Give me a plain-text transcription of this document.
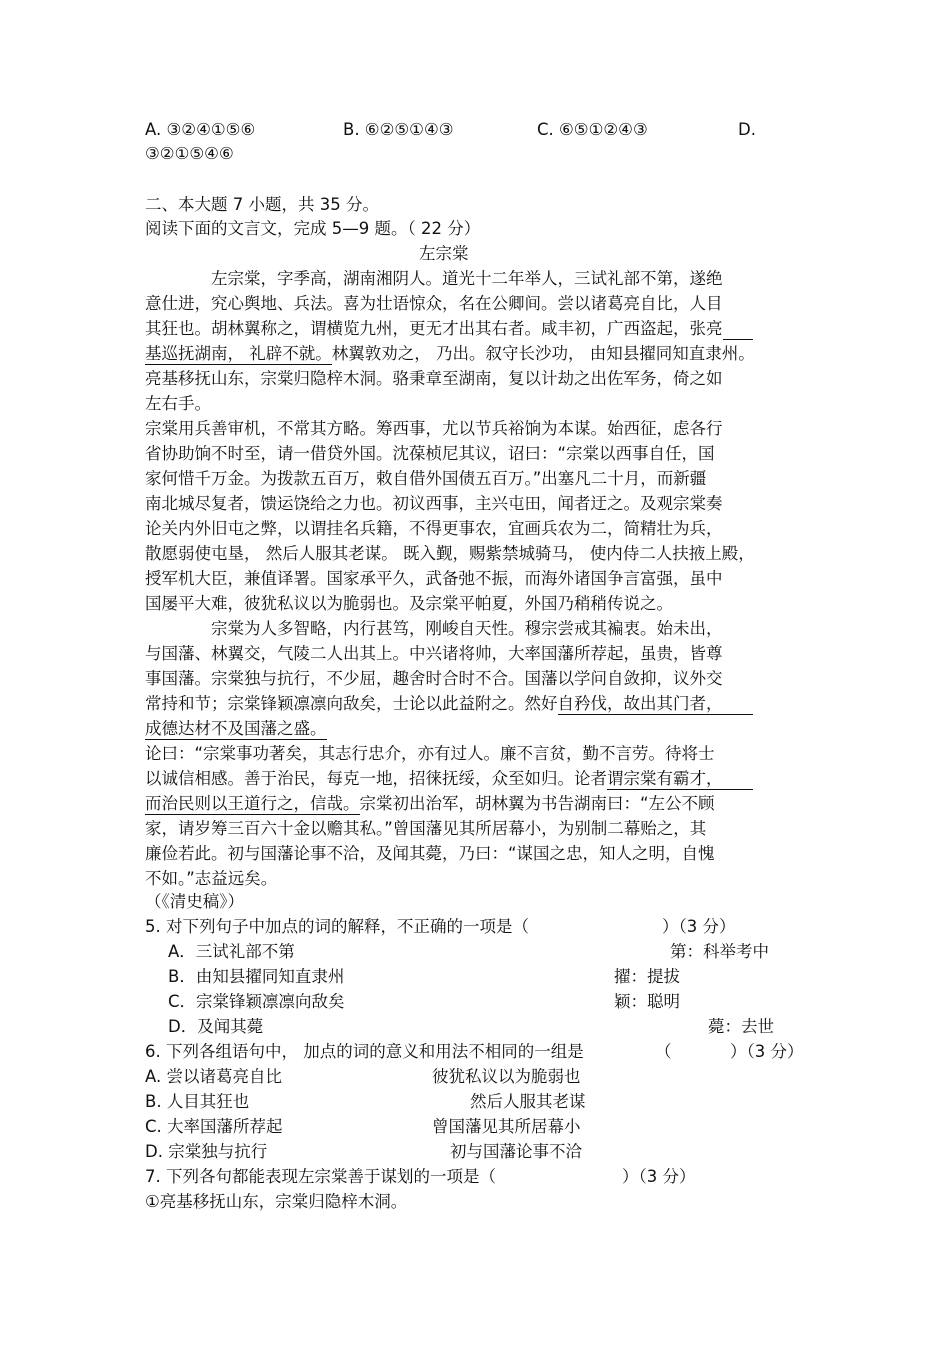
A. ③②④①⑤⑥	B. ⑥②⑤①④③	C. ⑥⑤①②④③	D.
③②①⑤④⑥
二、本大题 7 小题，共 35 分。
阅读下面的文言文，完成 5—9 题。（ 22 分）
左宗棠
左宗棠，字季高，湖南湘阴人。道光十二年举人，三试礼部不第，遂绝
意仕进，究心舆地、兵法。喜为壮语惊众，名在公卿间。尝以诸葛亮自比，人目
其狂也。胡林翼称之，谓横览九州，更无才出其右者。咸丰初，广西盗起，张亮
基巡抚湖南， 礼辟不就。林翼敦劝之， 乃出。叙守长沙功， 由知县擢同知直隶州。
亮基移抚山东，宗棠归隐梓木洞。骆秉章至湖南，复以计劫之出佐军务，倚之如
左右手。
宗棠用兵善审机，不常其方略。筹西事，尤以节兵裕饷为本谋。始西征，虑各行
省协助饷不时至，请一借贷外国。沈葆桢尼其议，诏曰：“宗棠以西事自任，国
家何惜千万金。为拨款五百万，敕自借外国债五百万。”出塞凡二十月，而新疆
南北城尽复者，馈运饶给之力也。初议西事，主兴屯田，闻者迂之。及观宗棠奏
论关内外旧屯之弊，以谓挂名兵籍，不得更事农，宜画兵农为二，简精壮为兵，
散愿弱使屯垦， 然后人服其老谋。 既入觐，赐紫禁城骑马， 使内侍二人扶掖上殿，
授军机大臣，兼值译署。国家承平久，武备弛不振，而海外诸国争言富强，虽中
国屡平大难，彼犹私议以为脆弱也。及宗棠平帕夏，外国乃稍稍传说之。
宗棠为人多智略，内行甚笃，刚峻自天性。穆宗尝戒其褊衷。始未出，
与国藩、林翼交，气陵二人出其上。中兴诸将帅，大率国藩所荐起，虽贵，皆尊
事国藩。宗棠独与抗行，不少屈，趣舍时合时不合。国藩以学问自敛抑，议外交
常持和节；宗棠锋颖凛凛向敌矣，士论以此益附之。然好自矜伐，故出其门者，
成德达材不及国藩之盛。
论曰：“宗棠事功著矣，其志行忠介，亦有过人。廉不言贫，勤不言劳。待将士
以诚信相感。善于治民，每克一地，招徕抚绥，众至如归。论者谓宗棠有霸才，
而治民则以王道行之，信哉。宗棠初出治军，胡林翼为书告湖南曰：“左公不顾
家，请岁筹三百六十金以赡其私。”曾国藩见其所居幕小，为别制二幕贻之，其
廉俭若此。初与国藩论事不洽，及闻其薨，乃曰：“谋国之忠，知人之明，自愧
不如。”志益远矣。
（《清史稿》）
5. 对下列句子中加点的词的解释，不正确的一项是（	）（3 分）
A．三试礼部不第	第：科举考中
B．由知县擢同知直隶州	擢：提拔
C．宗棠锋颖凛凛向敌矣	颖：聪明
D．及闻其薨	薨：去世
6. 下列各组语句中， 加点的词的意义和用法不相同的一组是	（	）（3 分）
A. 尝以诸葛亮自比	彼犹私议以为脆弱也
B. 人目其狂也	然后人服其老谋
C. 大率国藩所荐起	曾国藩见其所居幕小
D. 宗棠独与抗行	初与国藩论事不洽
7. 下列各句都能表现左宗棠善于谋划的一项是（	）（3 分）
①亮基移抚山东，宗棠归隐梓木洞。
